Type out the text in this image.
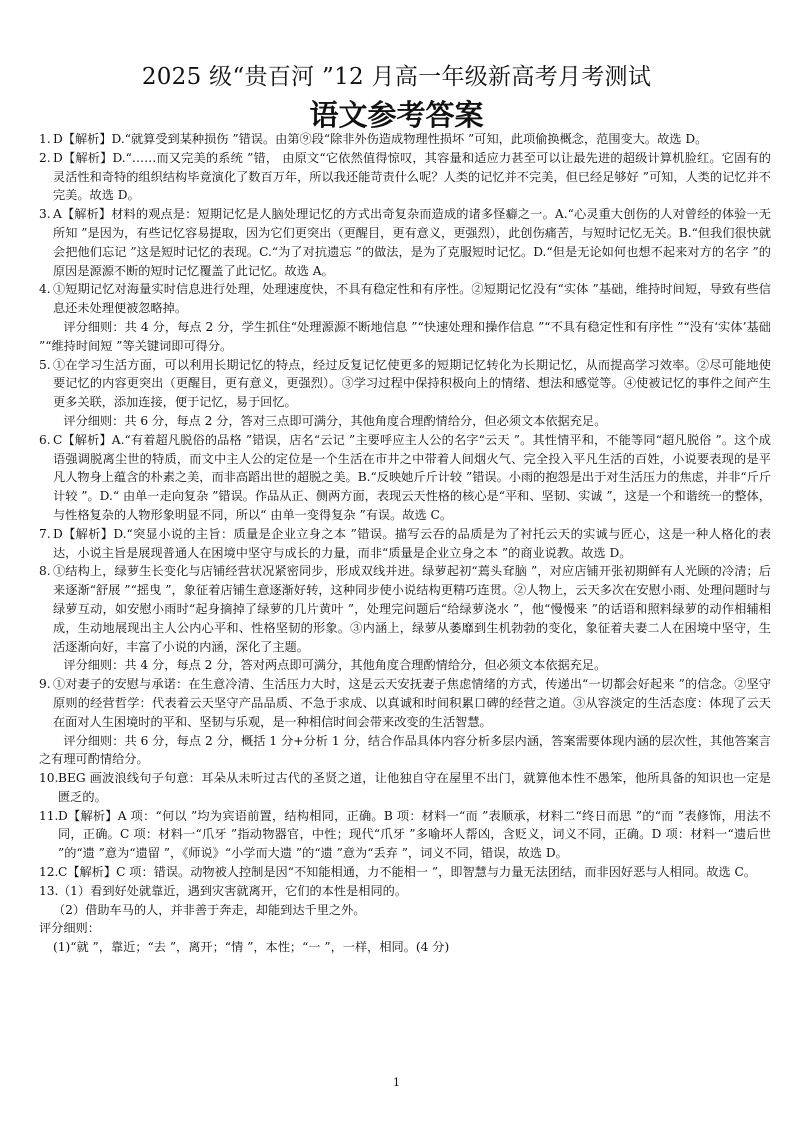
2025 级“贵百河 ”12 月高一年级新高考月考测试
语文参考答案
1. D【解析】D.“就算受到某种损伤 ”错误。由第⑨段“除非外伤造成物理性损坏 ”可知，此项偷换概念，范围变大。故选 D。

2. D【解析】D.“……而又完美的系统 ”错， 由原文“它依然值得惊叹，其容量和适应力甚至可以让最先进的超级计算机脸红。它固有的灵活性和奇特的组织结构毕竟演化了数百万年，所以我还能苛责什么呢？人类的记忆并不完美，但已经足够好 ”可知，人类的记忆并不完美。故选 D。

3. A【解析】材料的观点是：短期记忆是人脑处理记忆的方式出奇复杂而造成的诸多怪癖之一。A.“心灵重大创伤的人对曾经的体验一无所知 ”是因为，有些记忆容易提取，因为它们更突出（更醒目，更有意义，更强烈），此创伤痛苦，与短时记忆无关。B.“但我们很快就会把他们忘记 ”这是短时记忆的表现。C.“为了对抗遗忘 ”的做法，是为了克服短时记忆。D.“但是无论如何也想不起来对方的名字 ”的原因是源源不断的短时记忆覆盖了此记忆。故选 A。

4. ①短期记忆对海量实时信息进行处理，处理速度快，不具有稳定性和有序性。②短期记忆没有“实体 ”基础，维持时间短，导致有些信息还未处理便被忽略掉。

评分细则：共 4 分，每点 2 分，学生抓住“处理源源不断地信息 ”“快速处理和操作信息 ”“不具有稳定性和有序性 ”“没有‘实体’基础 ”“维持时间短 ”等关键词即可得分。

5. ①在学习生活方面，可以利用长期记忆的特点，经过反复记忆使更多的短期记忆转化为长期记忆，从而提高学习效率。②尽可能地使要记忆的内容更突出（更醒目，更有意义，更强烈）。③学习过程中保持积极向上的情绪、想法和感觉等。④使被记忆的事件之间产生更多关联，添加连接，便于记忆，易于回忆。

评分细则：共 6 分，每点 2 分，答对三点即可满分，其他角度合理酌情给分，但必须文本依据充足。

6. C【解析】A.“有着超凡脱俗的品格 ”错误，店名“云记 ”主要呼应主人公的名字“云天 ”。其性情平和，不能等同“超凡脱俗 ”。这个成语强调脱离尘世的特质，而文中主人公的定位是一个生活在市井之中带着人间烟火气、完全投入平凡生活的百姓，小说要表现的是平凡人物身上蕴含的朴素之美，而非高蹈出世的超脱之美。B.“反映她斤斤计较 ”错误。小雨的抱怨是出于对生活压力的焦虑，并非“斤斤计较 ”。D.“ 由单一走向复杂 ”错误。作品从正、侧两方面，表现云天性格的核心是“平和、坚韧、实诚 ”，这是一个和谐统一的整体，与性格复杂的人物形象明显不同，所以“ 由单一变得复杂 ”有误。故选 C。

7. D【解析】D.“突显小说的主旨：质量是企业立身之本 ”错误。描写云吞的品质是为了衬托云天的实诚与匠心，这是一种人格化的表达，小说主旨是展现普通人在困境中坚守与成长的力量，而非“质量是企业立身之本 ”的商业说教。故选 D。

8. ①结构上，绿萝生长变化与店铺经营状况紧密同步，形成双线并进。绿萝起初“蔫头耷脑 ”，对应店铺开张初期鲜有人光顾的冷清；后来逐渐“舒展 ”“摇曳 ”，象征着店铺生意逐渐好转，这种同步使小说结构更精巧连贯。②人物上，云天多次在安慰小雨、处理问题时与绿萝互动，如安慰小雨时“起身摘掉了绿萝的几片黄叶 ”，处理完问题后“给绿萝浇水 ”，他“慢慢来 ”的话语和照料绿萝的动作相辅相成，生动地展现出主人公内心平和、性格坚韧的形象。③内涵上，绿萝从萎靡到生机勃勃的变化，象征着夫妻二人在困境中坚守，生活逐渐向好，丰富了小说的内涵，深化了主题。

评分细则：共 4 分，每点 2 分，答对两点即可满分，其他角度合理酌情给分，但必须文本依据充足。

9. ①对妻子的安慰与承诺：在生意冷清、生活压力大时，这是云天安抚妻子焦虑情绪的方式，传递出“一切都会好起来 ”的信念。②坚守原则的经营哲学：代表着云天坚守产品品质、不急于求成、以真诚和时间积累口碑的经营之道。③从容淡定的生活态度：体现了云天在面对人生困境时的平和、坚韧与乐观，是一种相信时间会带来改变的生活智慧。

评分细则：共 6 分，每点 2 分，概括 1 分+分析 1 分，结合作品具体内容分析多层内涵，答案需要体现内涵的层次性，其他答案言之有理可酌情给分。

10. BEG 画波浪线句子句意：耳朵从未听过古代的圣贤之道，让他独自守在屋里不出门，就算他本性不愚笨，他所具备的知识也一定是匮乏的。

11. D【解析】A 项：“何以 ”均为宾语前置，结构相同，正确。B 项：材料一“而 ”表顺承，材料二“终日而思 ”的“而 ”表修饰，用法不同，正确。C 项：材料一“爪牙 ”指动物器官，中性；现代“爪牙 ”多喻坏人帮凶，含贬义，词义不同，正确。D 项：材料一“遗后世 ”的“遗 ”意为“遗留 ”，《师说》“小学而大遗 ”的“遗 ”意为“丢弃 ”，词义不同，错误，故选 D。

12. C【解析】C 项：错误。动物被人控制是因“不知能相通，力不能相一 ”，即智慧与力量无法团结，而非因好恶与人相同。故选 C。

13. （1）看到好处就靠近，遇到灾害就离开，它们的本性是相同的。

（2）借助车马的人，并非善于奔走，却能到达千里之外。

评分细则：

(1)“就 ”，靠近；“去 ”，离开；“情 ”，本性；“一 ”，一样，相同。(4 分)

1
